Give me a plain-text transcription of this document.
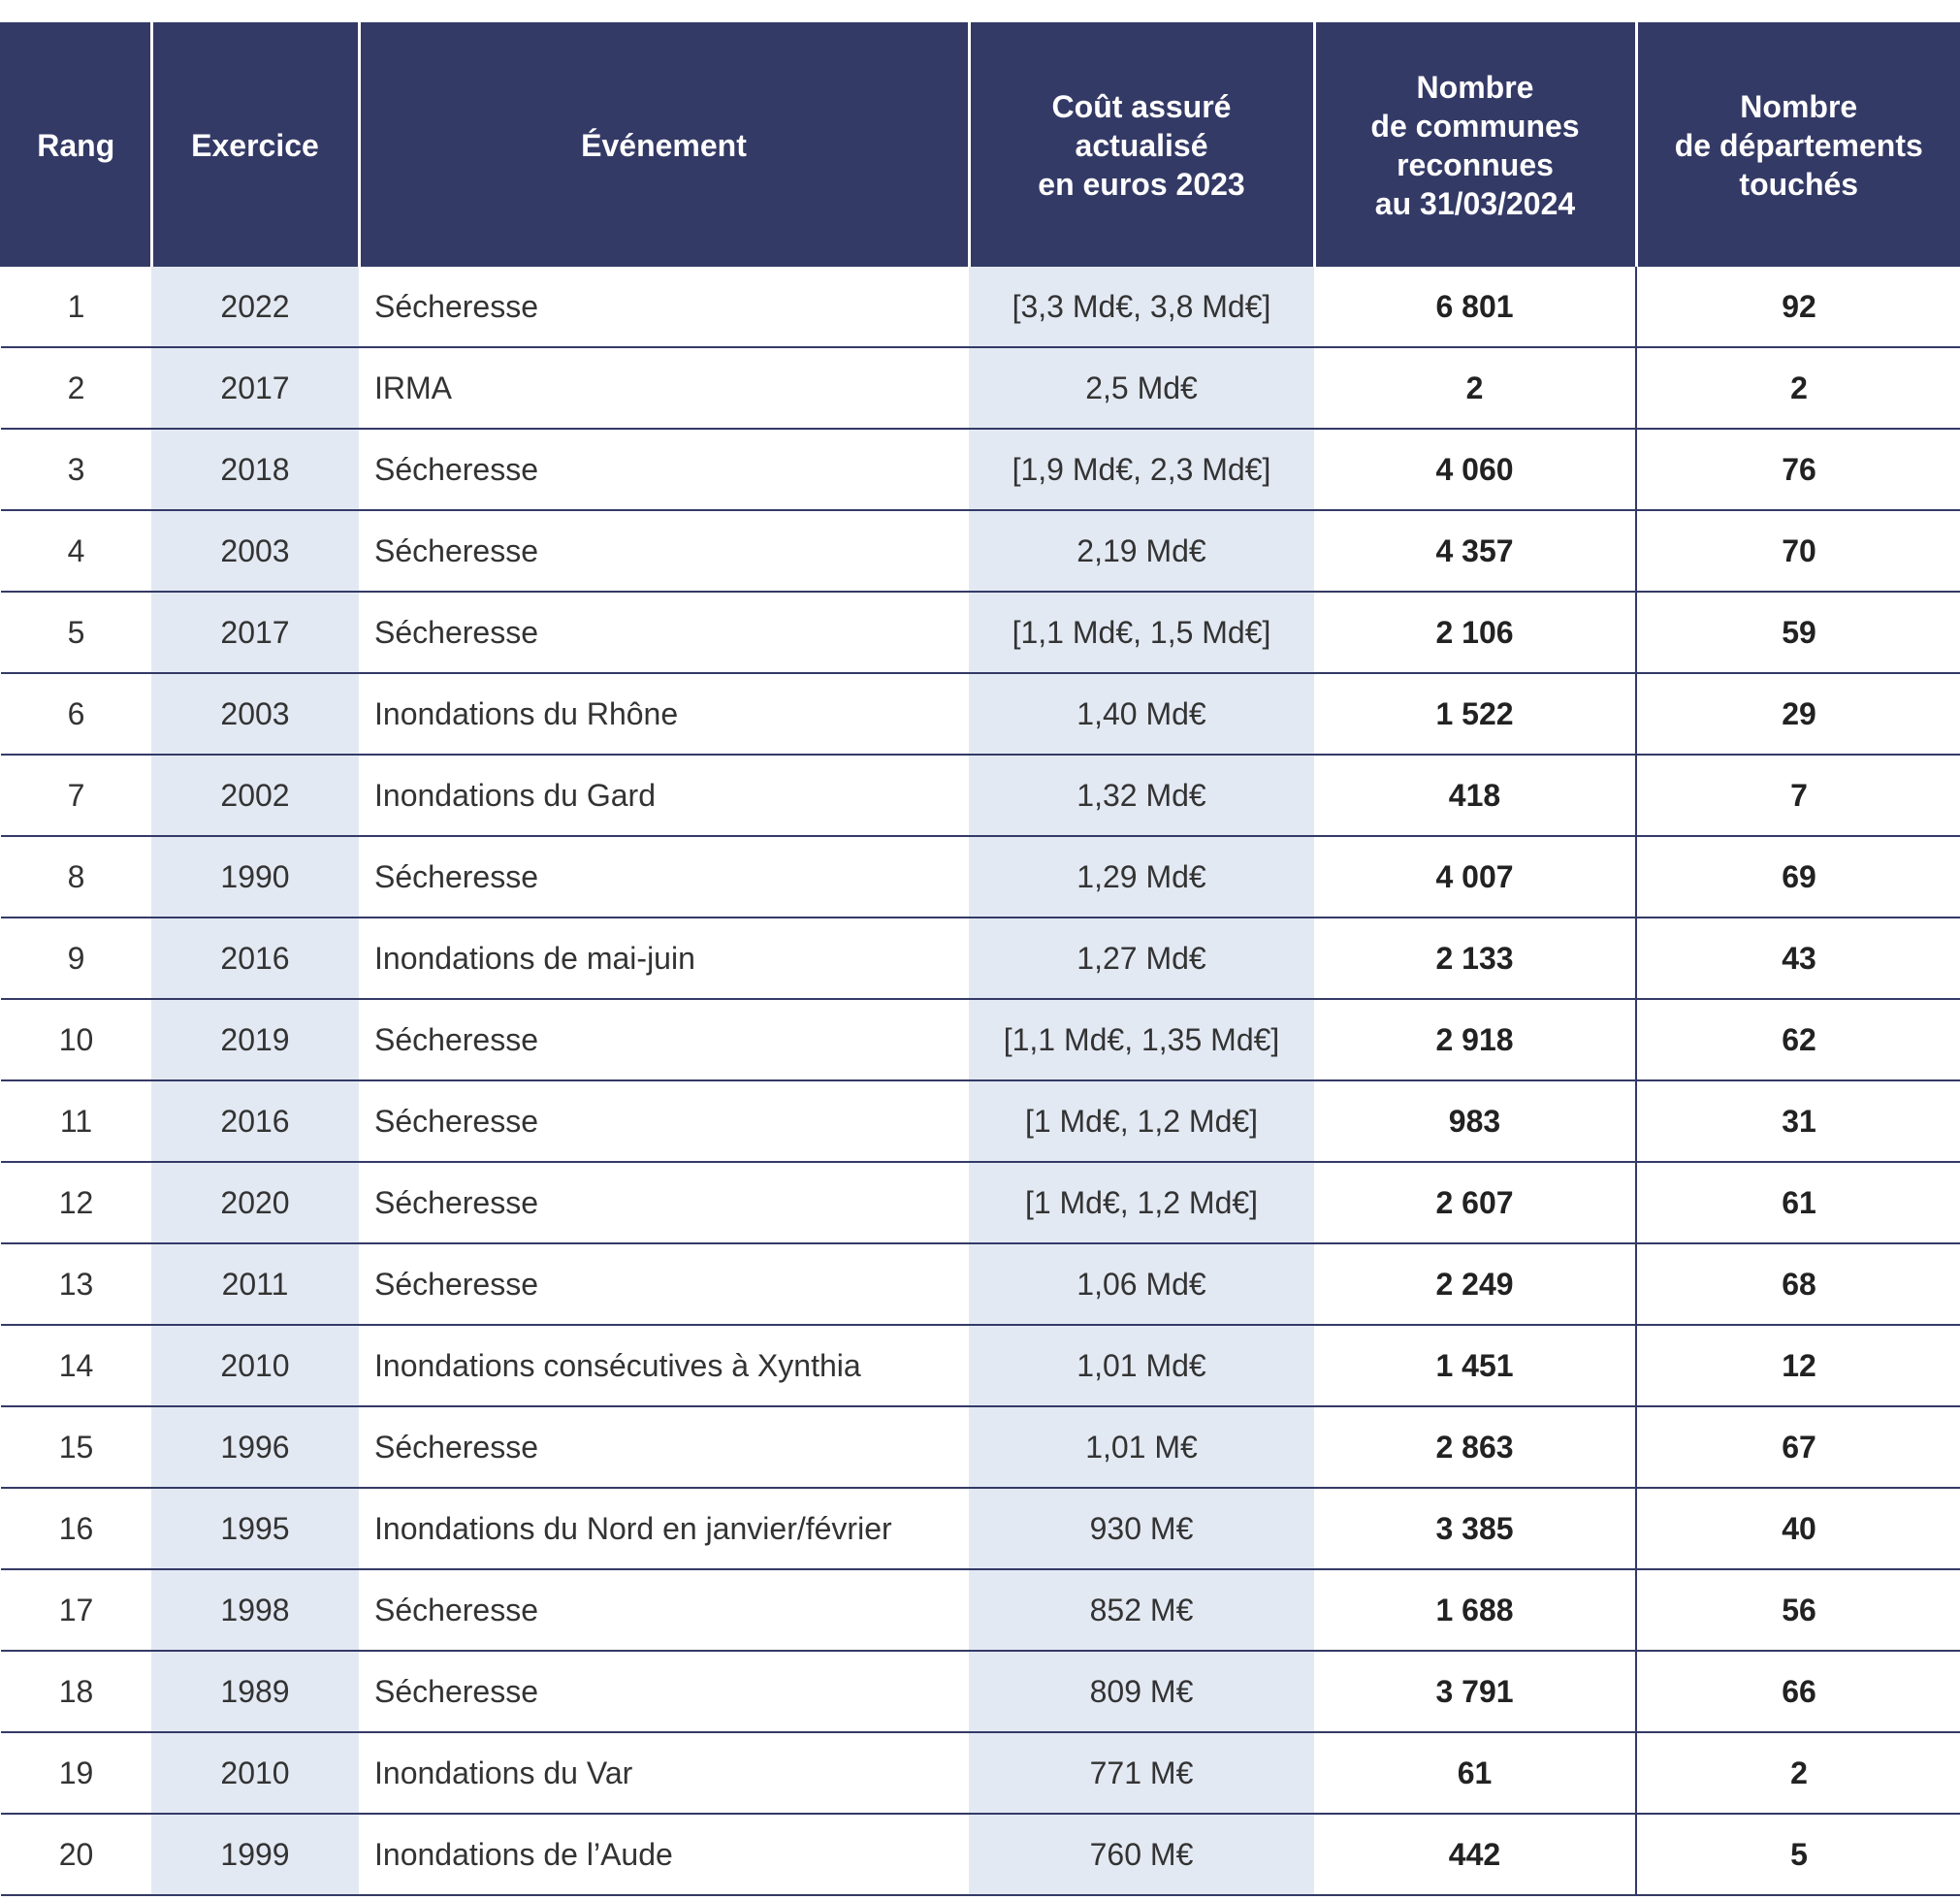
Rang	Exercice	Événement	Coût assuré
actualisé
en euros 2023	Nombre
de communes
reconnues
au 31/03/2024	Nombre
de départements
touchés
1	2022	Sécheresse	[3,3 Md€, 3,8 Md€]	6 801	92
2	2017	IRMA	2,5 Md€	2	2
3	2018	Sécheresse	[1,9 Md€, 2,3 Md€]	4 060	76
4	2003	Sécheresse	2,19 Md€	4 357	70
5	2017	Sécheresse	[1,1 Md€, 1,5 Md€]	2 106	59
6	2003	Inondations du Rhône	1,40 Md€	1 522	29
7	2002	Inondations du Gard	1,32 Md€	418	7
8	1990	Sécheresse	1,29 Md€	4 007	69
9	2016	Inondations de mai-juin	1,27 Md€	2 133	43
10	2019	Sécheresse	[1,1 Md€, 1,35 Md€]	2 918	62
11	2016	Sécheresse	[1 Md€, 1,2 Md€]	983	31
12	2020	Sécheresse	[1 Md€, 1,2 Md€]	2 607	61
13	2011	Sécheresse	1,06 Md€	2 249	68
14	2010	Inondations consécutives à Xynthia	1,01 Md€	1 451	12
15	1996	Sécheresse	1,01 M€	2 863	67
16	1995	Inondations du Nord en janvier/février	930 M€	3 385	40
17	1998	Sécheresse	852 M€	1 688	56
18	1989	Sécheresse	809 M€	3 791	66
19	2010	Inondations du Var	771 M€	61	2
20	1999	Inondations de l’Aude	760 M€	442	5
